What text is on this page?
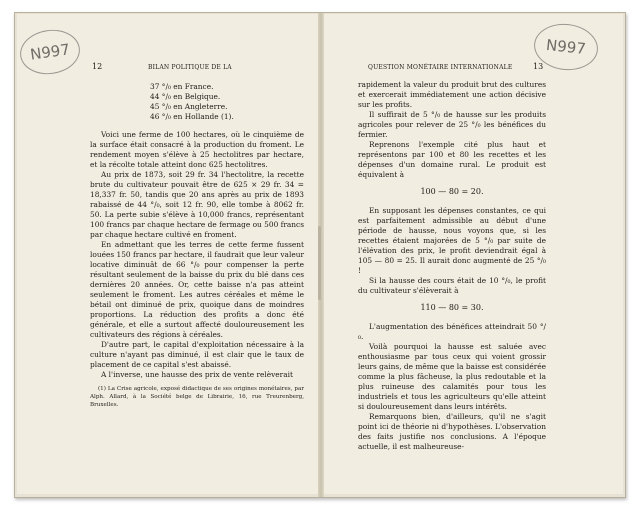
N997	N997
12	BILAN POLITIQUE DE LA
37 °/₀ en France.
44 °/₀ en Belgique.
45 °/₀ en Angleterre.
46 °/₀ en Hollande (1).

Voici une ferme de 100 hectares, où le cinquième de la surface était consacré à la production du froment. Le rendement moyen s'élève à 25 hectolitres par hectare, et la récolte totale atteint donc 625 hectolitres.

Au prix de 1873, soit 29 fr. 34 l'hectolitre, la recette brute du cultivateur pouvait être de 625 × 29 fr. 34 = 18,337 fr. 50, tandis que 20 ans après au prix de 1893 rabaissé de 44 °/₀, soit 12 fr. 90, elle tombe à 8062 fr. 50. La perte subie s'élève à 10,000 francs, représentant 100 francs par chaque hectare de fermage ou 500 francs par chaque hectare cultivé en froment.

En admettant que les terres de cette ferme fussent louées 150 francs par hectare, il faudrait que leur valeur locative diminuât de 66 °/₀ pour compenser la perte résultant seulement de la baisse du prix du blé dans ces dernières 20 années. Or, cette baisse n'a pas atteint seulement le froment. Les autres céréales et même le bétail ont diminué de prix, quoique dans de moindres proportions. La réduction des profits a donc été générale, et elle a surtout affecté douloureusement les cultivateurs des régions à céréales.

D'autre part, le capital d'exploitation nécessaire à la culture n'ayant pas diminué, il est clair que le taux de placement de ce capital s'est abaissé.

A l'inverse, une hausse des prix de vente relèverait

(1) La Crise agricole, exposé didactique de ses origines monétaires, par Alph. Allard, à la Société belge de Librairie, 16, rue Treurenberg, Bruxelles.

QUESTION MONÉTAIRE INTERNATIONALE	13

rapidement la valeur du produit brut des cultures et exercerait immédiatement une action décisive sur les profits.

Il suffirait de 5 °/₀ de hausse sur les produits agricoles pour relever de 25 °/₀ les bénéfices du fermier.

Reprenons l'exemple cité plus haut et représentons par 100 et 80 les recettes et les dépenses d'un domaine rural. Le produit est équivalent à

100 — 80 = 20.

En supposant les dépenses constantes, ce qui est parfaitement admissible au début d'une période de hausse, nous voyons que, si les recettes étaient majorées de 5 °/₀ par suite de l'élévation des prix, le profit deviendrait égal à 105 — 80 = 25. Il aurait donc augmenté de 25 °/₀ !

Si la hausse des cours était de 10 °/₀, le profit du cultivateur s'élèverait à

110 — 80 = 30.

L'augmentation des bénéfices atteindrait 50 °/₀.

Voilà pourquoi la hausse est saluée avec enthousiasme par tous ceux qui voient grossir leurs gains, de même que la baisse est considérée comme la plus fâcheuse, la plus redoutable et la plus ruineuse des calamités pour tous les industriels et tous les agriculteurs qu'elle atteint si douloureusement dans leurs intérêts.

Remarquons bien, d'ailleurs, qu'il ne s'agit point ici de théorie ni d'hypothèses. L'observation des faits justifie nos conclusions. A l'époque actuelle, il est malheureuse-
